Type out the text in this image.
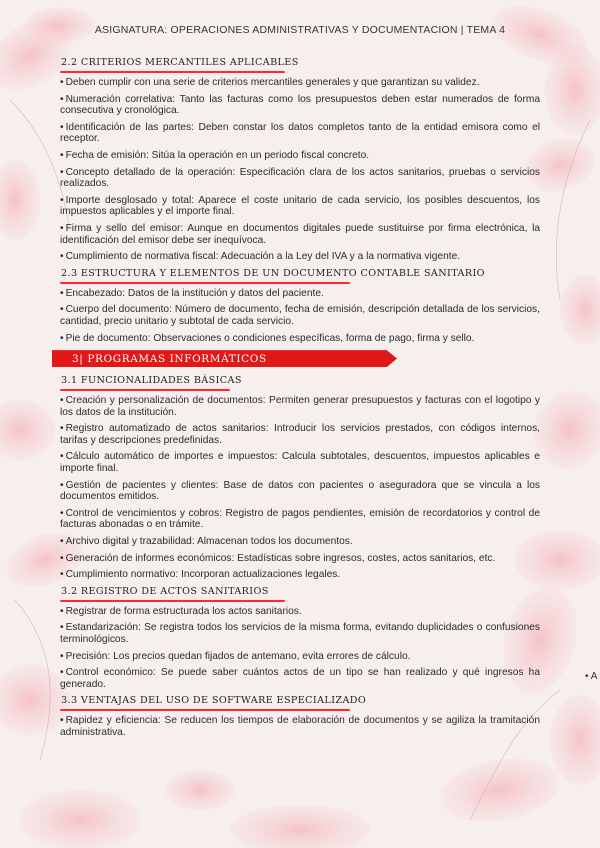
ASIGNATURA: OPERACIONES ADMINISTRATIVAS Y DOCUMENTACION | TEMA 4
2.2 CRITERIOS MERCANTILES APLICABLES
• Deben cumplir con una serie de criterios mercantiles generales y que garantizan su validez.
• Numeración correlativa: Tanto las facturas como los presupuestos deben estar numerados de forma consecutiva y cronológica.
• Identificación de las partes: Deben constar los datos completos tanto de la entidad emisora como el receptor.
• Fecha de emisión: Sitúa la operación en un periodo fiscal concreto.
• Concepto detallado de la operación: Especificación clara de los actos sanitarios, pruebas o servicios realizados.
• Importe desglosado y total: Aparece el coste unitario de cada servicio, los posibles descuentos, los impuestos aplicables y el importe final.
• Firma y sello del emisor: Aunque en documentos digitales puede sustituirse por firma electrónica, la identificación del emisor debe ser inequívoca.
• Cumplimiento de normativa fiscal: Adecuación a la Ley del IVA y a la normativa vigente.
2.3 ESTRUCTURA Y ELEMENTOS DE UN DOCUMENTO CONTABLE SANITARIO
• Encabezado: Datos de la institución y datos del paciente.
• Cuerpo del documento: Número de documento, fecha de emisión, descripción detallada de los servicios, cantidad, precio unitario y subtotal de cada servicio.
• Pie de documento: Observaciones o condiciones específicas, forma de pago, firma y sello.
3| PROGRAMAS INFORMÁTICOS
3.1 FUNCIONALIDADES BÁSICAS
• Creación y personalización de documentos: Permiten generar presupuestos y facturas con el logotipo y los datos de la institución.
• Registro automatizado de actos sanitarios: Introducir los servicios prestados, con códigos internos, tarifas y descripciones predefinidas.
• Cálculo automático de importes e impuestos: Calcula subtotales, descuentos, impuestos aplicables e importe final.
• Gestión de pacientes y clientes: Base de datos con pacientes o aseguradora que se vincula a los documentos emitidos.
• Control de vencimientos y cobros: Registro de pagos pendientes, emisión de recordatorios y control de facturas abonadas o en trámite.
• Archivo digital y trazabilidad: Almacenan todos los documentos.
• Generación de informes económicos: Estadísticas sobre ingresos, costes, actos sanitarios, etc.
• Cumplimiento normativo: Incorporan actualizaciones legales.
3.2 REGISTRO DE ACTOS SANITARIOS
• Registrar de forma estructurada los actos sanitarios.
• Estandarización: Se registra todos los servicios de la misma forma, evitando duplicidades o confusiones terminológicos.
• Precisión: Los precios quedan fijados de antemano, evita errores de cálculo.
• Control económico: Se puede saber cuántos actos de un tipo se han realizado y qué ingresos ha generado.
3.3 VENTAJAS DEL USO DE SOFTWARE ESPECIALIZADO
• Rapidez y eficiencia: Se reducen los tiempos de elaboración de documentos y se agiliza la tramitación administrativa.
• A
